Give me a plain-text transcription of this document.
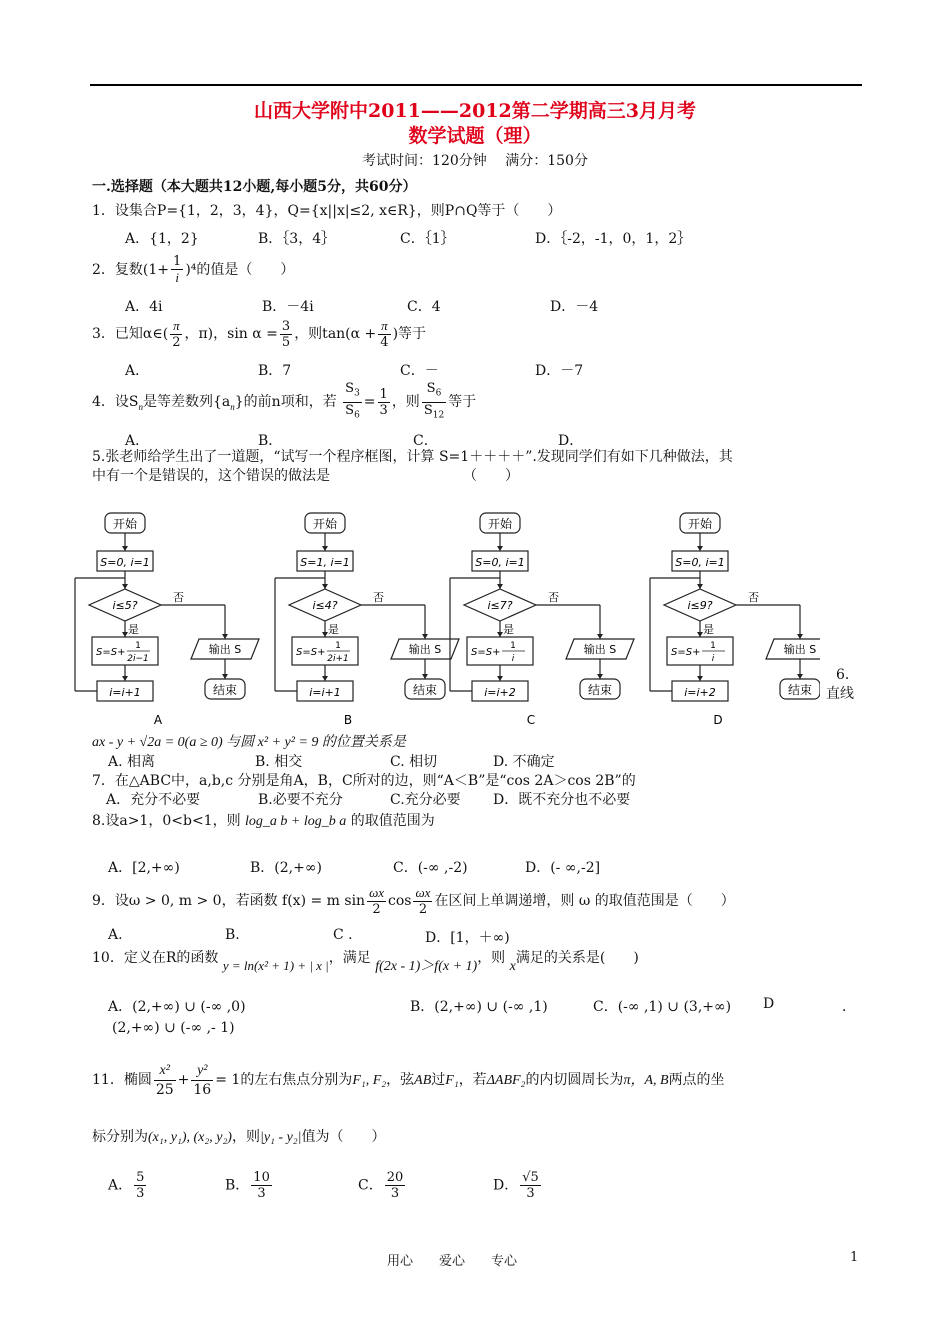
山西大学附中2011——2012第二学期高三3月月考
数学试题（理）
考试时间：120分钟　 满分：150分
一.选择题（本大题共12小题,每小题5分，共60分）
1．设集合P={1，2，3，4}，Q={x||x|≤2, x∈R}，则P∩Q等于（　　）
A．{1，2}	B．｛3，4｝	C．｛1｝	D．｛-2，-1，0，1，2｝
2．复数$(1+ \frac{1}{i} )^4$的值是（　　）
A．4i	B．－4i	C．4	D．－4
3．已知α∈( $\frac{\pi}{2}$ ，π)，$\sin \alpha = \frac{3}{5}$ ，则$\tan(\alpha + \frac{\pi}{4}$ )等于
A．	B．7	C．－	D．－7
4．设$S_n$是等差数列$\{a_n\}$的前n项和，若 $\frac{S_3}{S_6} = \frac{1}{3}$ ，则 $\frac{S_6}{S_{12}}$ 等于
A．	B．	C．	D．
5.张老师给学生出了一道题，“试写一个程序框图，计算 S=1＋＋＋＋”.发现同学们有如下几种做法，其
中有一个是错误的，这个错误的做法是　　　　　　　　　　（　　）
开始
S=0, i=1
i≤5?
是
S=S+
1
2i−1
i=i+1
否
输出 S
结束
A
开始
S=1, i=1
i≤4?
是
S=S+
1
2i+1
i=i+1
否
输出 S
结束
B
开始
S=0, i=1
i≤7?
是
S=S+
1
i
i=i+2
否
输出 S
结束
C
开始
S=0, i=1
i≤9?
是
S=S+
1
i
i=i+2
否
输出 S
结束
D
6．
直线
ax - y + √2a = 0(a ≥ 0) 与圆 x² + y² = 9 的位置关系是
A. 相离	B. 相交	C. 相切	D. 不确定
7．在△ABC中，a,b,c 分别是角A，B，C所对的边，则“A＜B”是“cos 2A＞cos 2B”的
A．充分不必要	B.必要不充分	C.充分必要 D．既不充分也不必要
8.设a>1，0<b<1，则 log_a b + log_b a 的取值范围为
A．[2,+∞)	B．(2,+∞)	C．(-∞ ,-2)	D．(- ∞,-2]
9．设ω > 0, m > 0，若函数 f(x) = m $\sin \frac{\omega x}{2}$ $\cos \frac{\omega x}{2}$ 在区间上单调递增，则 ω 的取值范围是（　　）
A.	B.	C .	D．[1，＋∞)
10．定义在R的函数 y = ln(x² + 1) + | x |，满足 f(2x - 1)＞f(x + 1)，则 x满足的关系是(　　)
A．(2,+∞) ∪ (-∞ ,0)	B．(2,+∞) ∪ (-∞ ,1)	C．(-∞ ,1) ∪ (3,+∞) D	．
(2,+∞) ∪ (-∞ ,- 1)
11．椭圆 $\frac{\text{x²}}{25} + \frac{\text{y²}}{16} = 1$的左右焦点分别为F₁, F₂，弦AB过F₁，若ΔABF₂的内切圆周长为π，A, B两点的坐
标分别为(x₁, y₁), (x₂, y₂)，则|y₁ - y₂|值为（　　）
A． $\frac{5}{3}$	B． $\frac{10}{3}$	C． $\frac{20}{3}$	D． $\frac{√5}{3}$
用心　　爱心　　专心	1
